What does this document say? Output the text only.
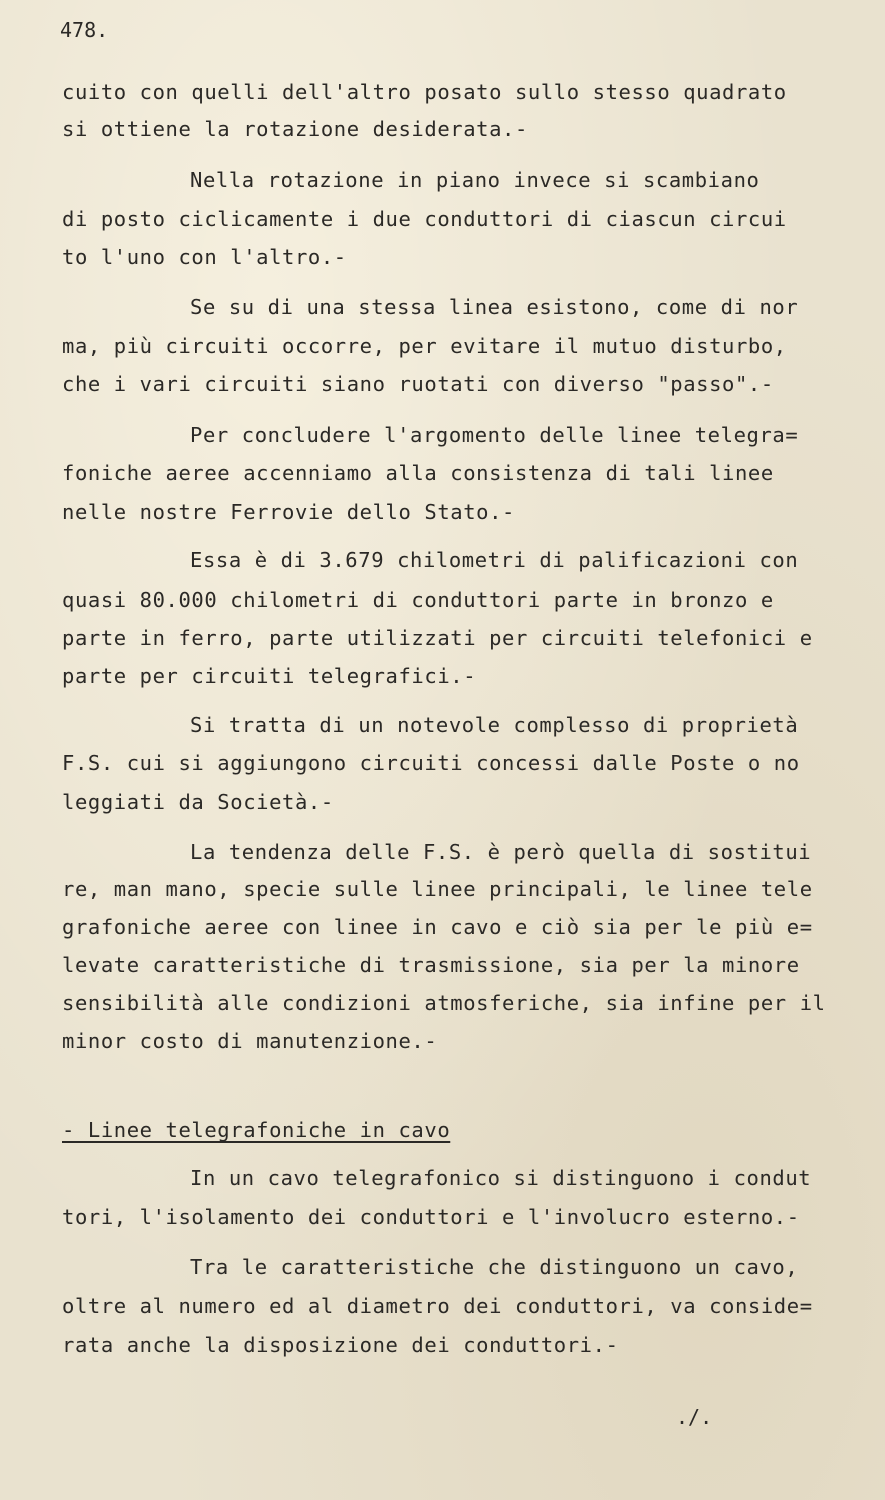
478.
cuito con quelli dell'altro posato sullo stesso quadrato
si ottiene la rotazione desiderata.-
Nella rotazione in piano invece si scambiano
di posto ciclicamente i due conduttori di ciascun circui
to l'uno con l'altro.-
Se su di una stessa linea esistono, come di nor
ma, più circuiti occorre, per evitare il mutuo disturbo,
che i vari circuiti siano ruotati con diverso "passo".-
Per concludere l'argomento delle linee telegra=
foniche aeree accenniamo alla consistenza di tali linee
nelle nostre Ferrovie dello Stato.-
Essa è di 3.679 chilometri di palificazioni con
quasi 80.000 chilometri di conduttori parte in bronzo e
parte in ferro, parte utilizzati per circuiti telefonici e
parte per circuiti telegrafici.-
Si tratta di un notevole complesso di proprietà
F.S. cui si aggiungono circuiti concessi dalle Poste o no
leggiati da Società.-
La tendenza delle F.S. è però quella di sostitui
re, man mano, specie sulle linee principali, le linee tele
grafoniche aeree con linee in cavo e ciò sia per le più e=
levate caratteristiche di trasmissione, sia per la minore
sensibilità alle condizioni atmosferiche, sia infine per il
minor costo di manutenzione.-
- Linee telegrafoniche in cavo
In un cavo telegrafonico si distinguono i condut
tori, l'isolamento dei conduttori e l'involucro esterno.-
Tra le caratteristiche che distinguono un cavo,
oltre al numero ed al diametro dei conduttori, va conside=
rata anche la disposizione dei conduttori.-
./.
